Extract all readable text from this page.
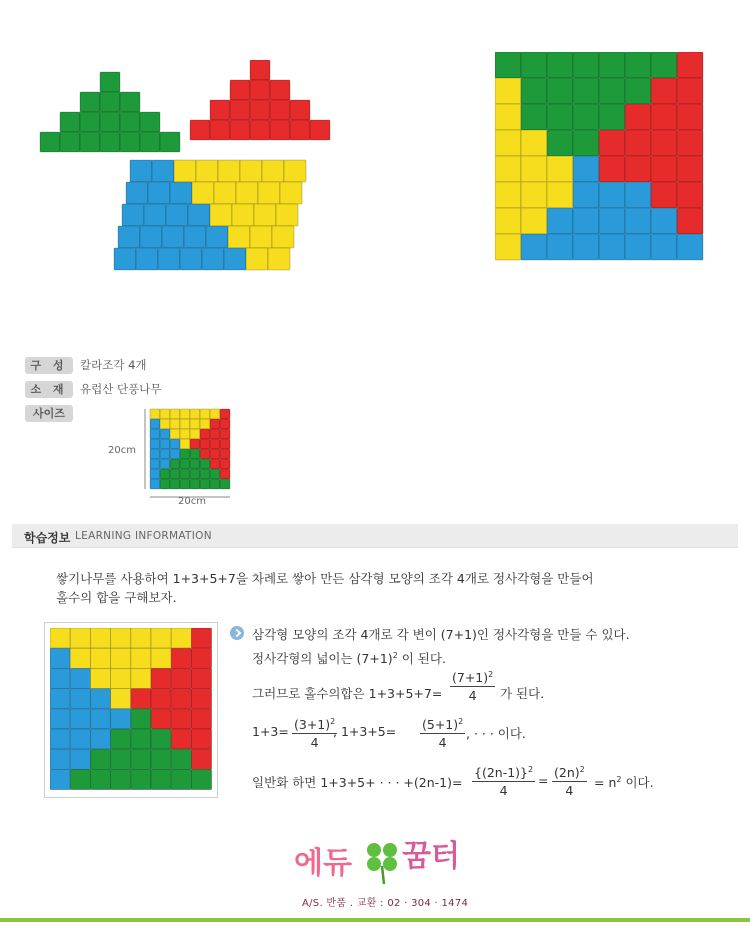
구 성	칼라조각 4개
소 재	유럽산 단풍나무
사이즈
20cm
20cm
학습정보 LEARNING INFORMATION
쌓기나무를 사용하여 1+3+5+7을 차례로 쌓아 만든 삼각형 모양의 조각 4개로 정사각형을 만들어
홀수의 합을 구해보자.
삼각형 모양의 조각 4개로 각 변이 (7+1)인 정사각형을 만들 수 있다.
정사각형의 넓이는 $(7+1)^2$ 이 된다.
그러므로 홀수의합은 $1+3+5+7= \frac{(7+1)^2}{4}$ 가 된다.
$1+3= \frac{(3+1)^2}{4}$
, $1+3+5= \frac{(5+1)^2}{4}$ , · · · 이다.
일반화 하면 1+3+5+ · · · $+(2n-1)= \frac{\{(2n-1)\}^2}{4} = \frac{(2n)^2}{4} = n^2$ 이다.
에듀 꿈터
A/S. 반품 . 교환 : 02 · 304 · 1474
